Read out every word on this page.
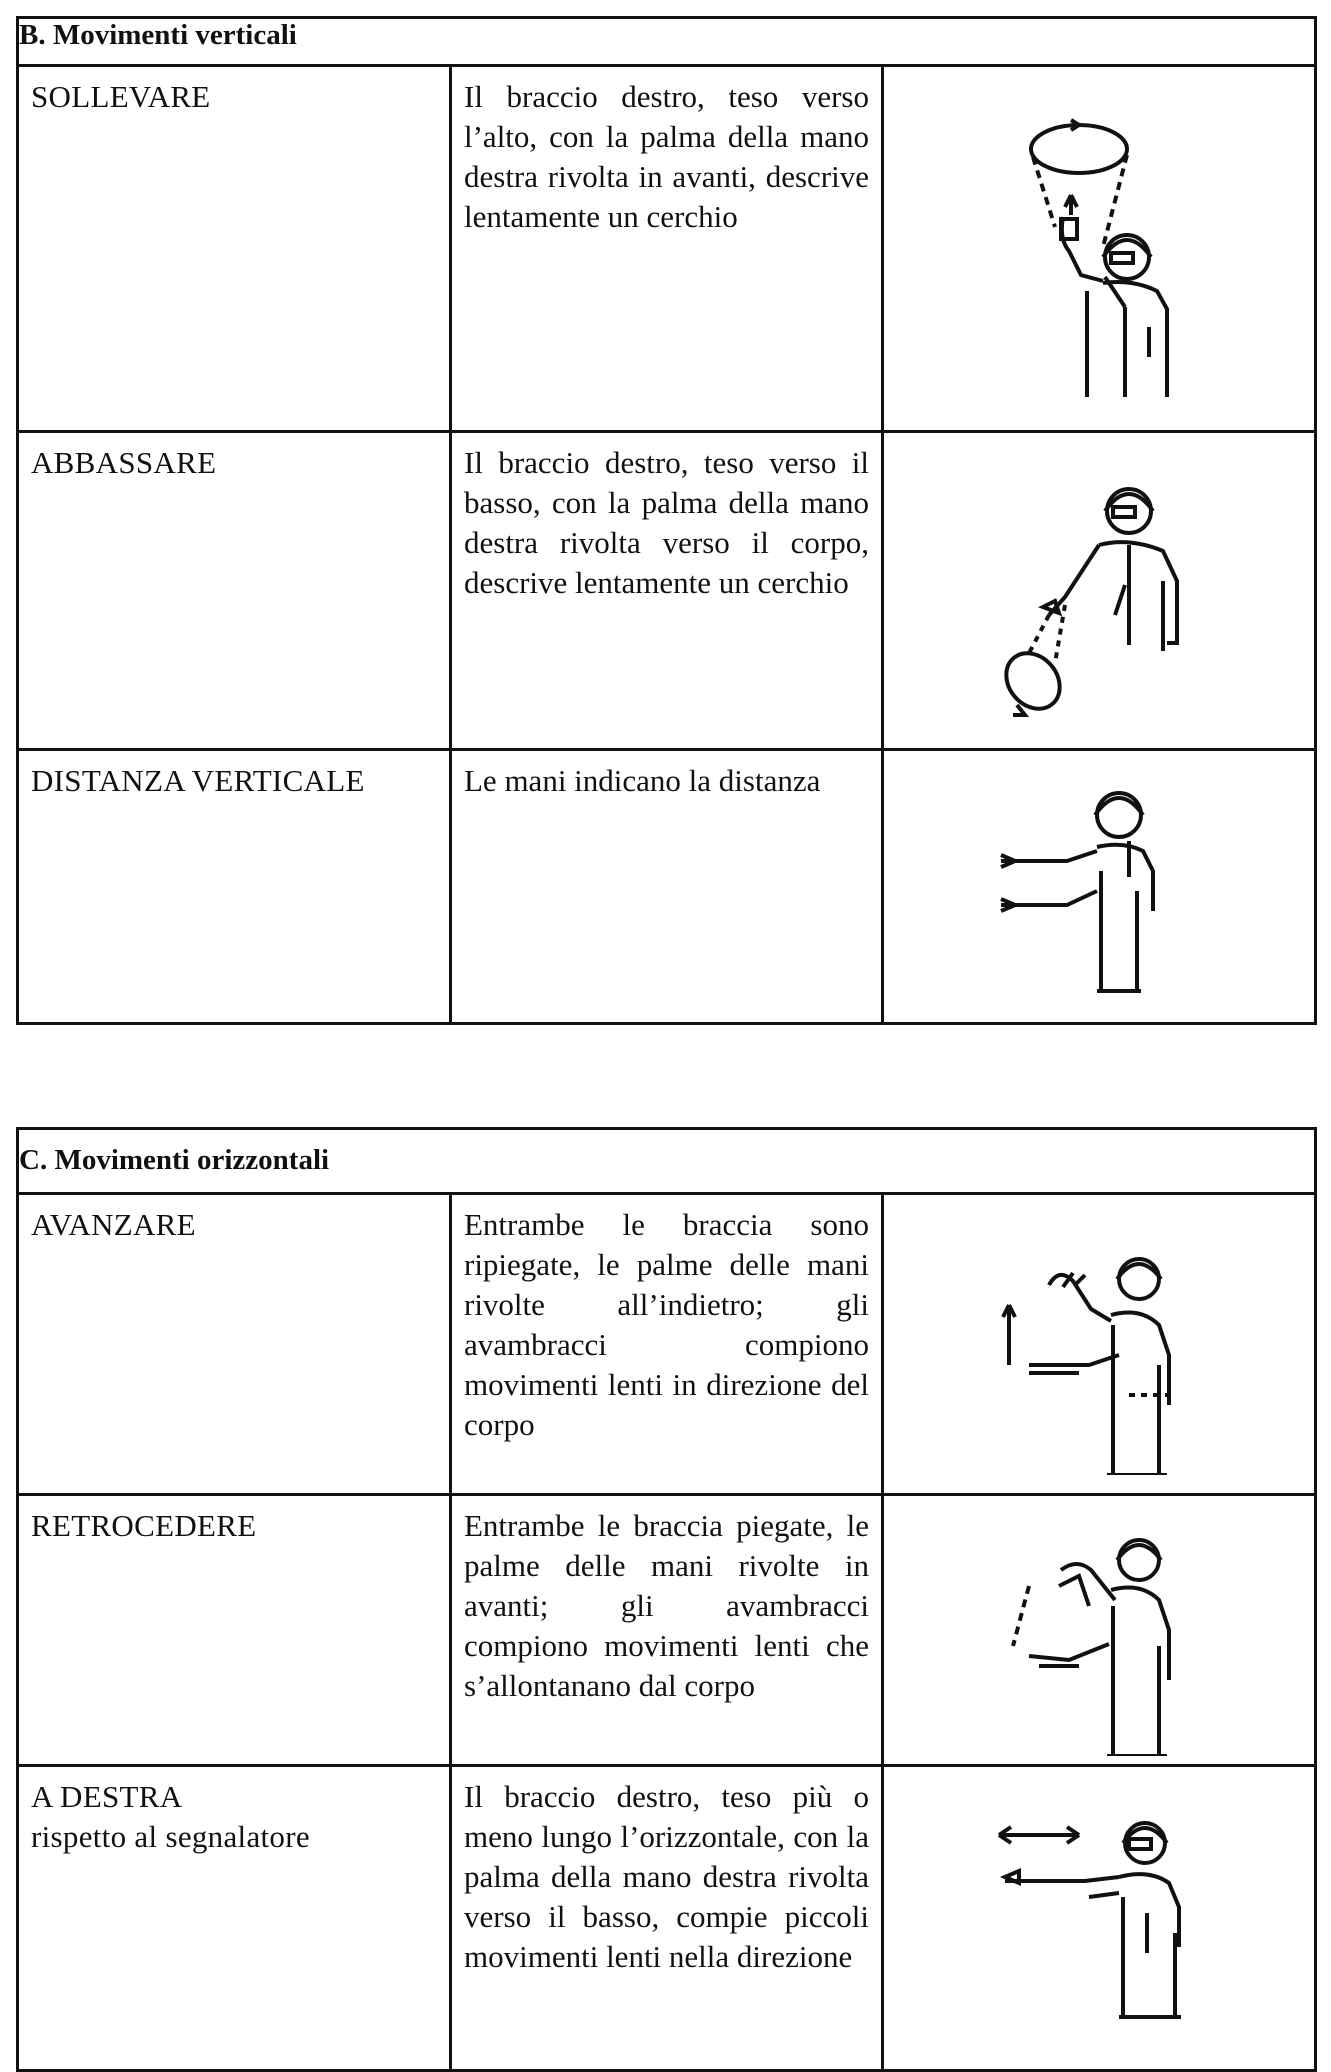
B. Movimenti verticali		

SOLLEVARE	Il braccio destro, teso verso l’alto, con la palma della mano destra rivolta in avanti, descrive lentamente un cerchio

ABBASSARE	Il braccio destro, teso verso il basso, con la palma della mano destra rivolta verso il corpo, descrive lentamente un cerchio

DISTANZA VERTICALE	Le mani indicano la distanza

C. Movimenti orizzontali		

AVANZARE	Entrambe le braccia sono ripiegate, le palme delle mani rivolte all’indietro; gli avambracci compiono movimenti lenti in direzione del corpo

RETROCEDERE	Entrambe le braccia piegate, le palme delle mani rivolte in avanti; gli avambracci compiono movimenti lenti che s’allontanano dal corpo

A DESTRA
rispetto al segnalatore	Il braccio destro, teso più o meno lungo l’orizzontale, con la palma della mano destra rivolta verso il basso, compie piccoli movimenti lenti nella direzione
